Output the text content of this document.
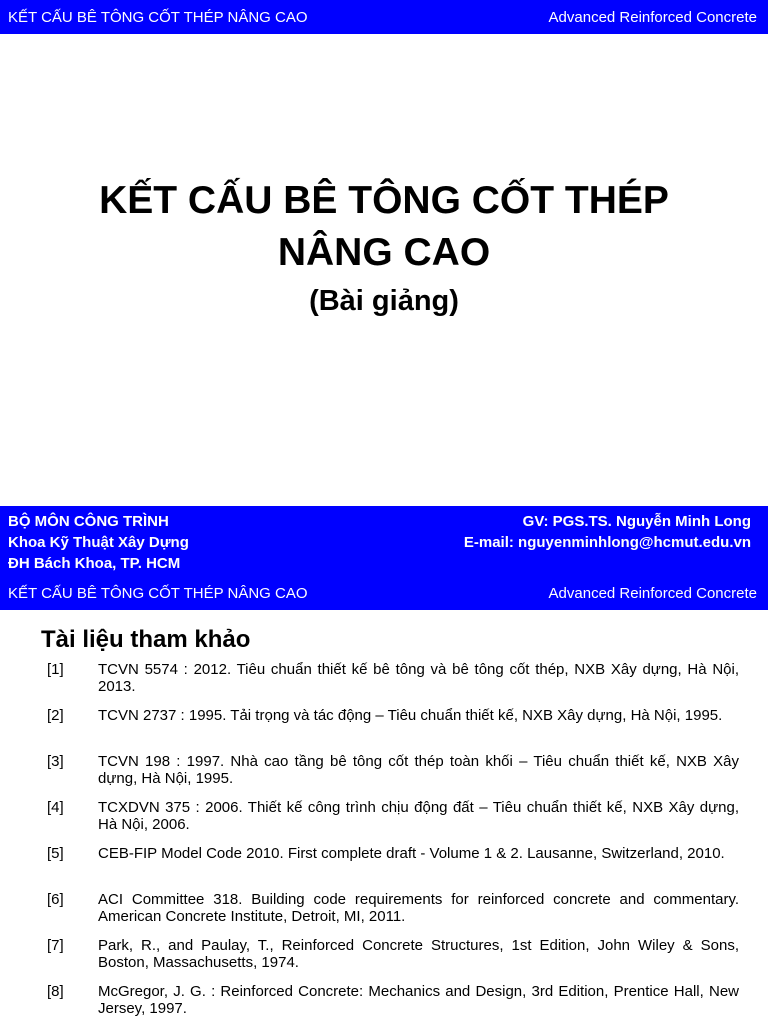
KẾT CẤU BÊ TÔNG CỐT THÉP NÂNG CAO	Advanced Reinforced Concrete
KẾT CẤU BÊ TÔNG CỐT THÉP
NÂNG CAO
(Bài giảng)
BỘ MÔN CÔNG TRÌNH
Khoa Kỹ Thuật Xây Dựng
ĐH Bách Khoa, TP. HCM
GV: PGS.TS. Nguyễn Minh Long
E-mail: nguyenminhlong@hcmut.edu.vn
KẾT CẤU BÊ TÔNG CỐT THÉP NÂNG CAO	Advanced Reinforced Concrete
Tài liệu tham khảo
[1] TCVN 5574 : 2012. Tiêu chuẩn thiết kế bê tông và bê tông cốt thép, NXB Xây dựng, Hà Nội, 2013.
[2] TCVN 2737 : 1995. Tải trọng và tác động – Tiêu chuẩn thiết kế, NXB Xây dựng, Hà Nội, 1995.
[3] TCVN 198 : 1997. Nhà cao tầng bê tông cốt thép toàn khối – Tiêu chuẩn thiết kế, NXB Xây dựng, Hà Nội, 1995.
[4] TCXDVN 375 : 2006. Thiết kế công trình chịu động đất – Tiêu chuẩn thiết kế, NXB Xây dựng, Hà Nội, 2006.
[5] CEB-FIP Model Code 2010. First complete draft - Volume 1 & 2. Lausanne, Switzerland, 2010.
[6] ACI Committee 318. Building code requirements for reinforced concrete and commentary. American Concrete Institute, Detroit, MI, 2011.
[7] Park, R., and Paulay, T., Reinforced Concrete Structures, 1st Edition, John Wiley & Sons, Boston, Massachusetts, 1974.
[8] McGregor, J. G. : Reinforced Concrete: Mechanics and Design, 3rd Edition, Prentice Hall, New Jersey, 1997.
